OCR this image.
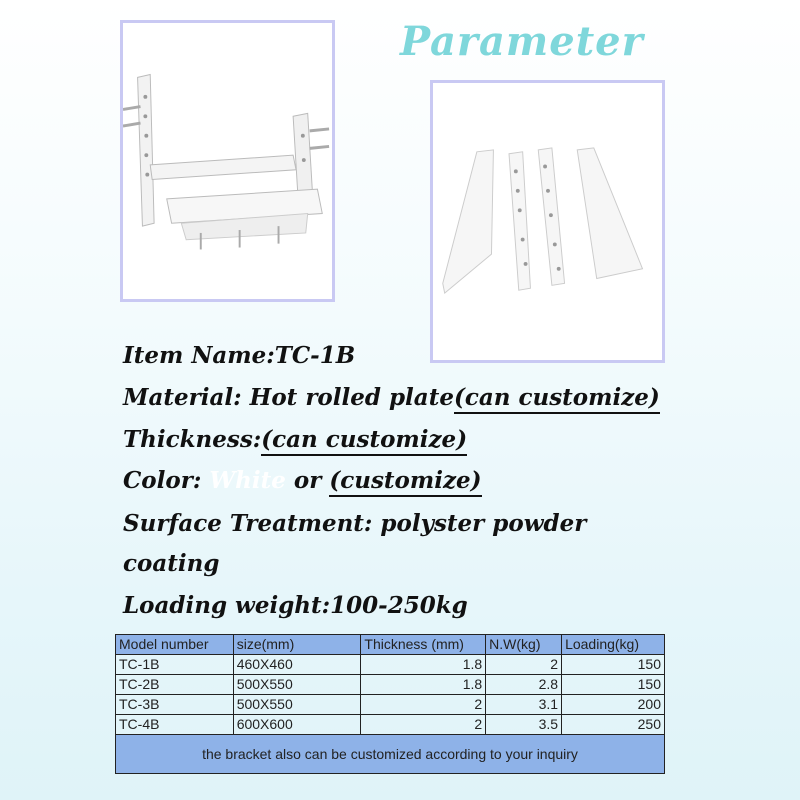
Parameter
Item Name:TC-1B
Material: Hot rolled plate(can customize)
Thickness:(can customize)
Color: White or (customize)
Surface Treatment: polyster powder
coating
Loading weight:100-250kg
Model number	size(mm)	Thickness (mm)	N.W(kg)	Loading(kg)
TC-1B	460X460	1.8	2	150
TC-2B	500X550	1.8	2.8	150
TC-3B	500X550	2	3.1	200
TC-4B	600X600	2	3.5	250
the bracket also can be customized according to your inquiry				
